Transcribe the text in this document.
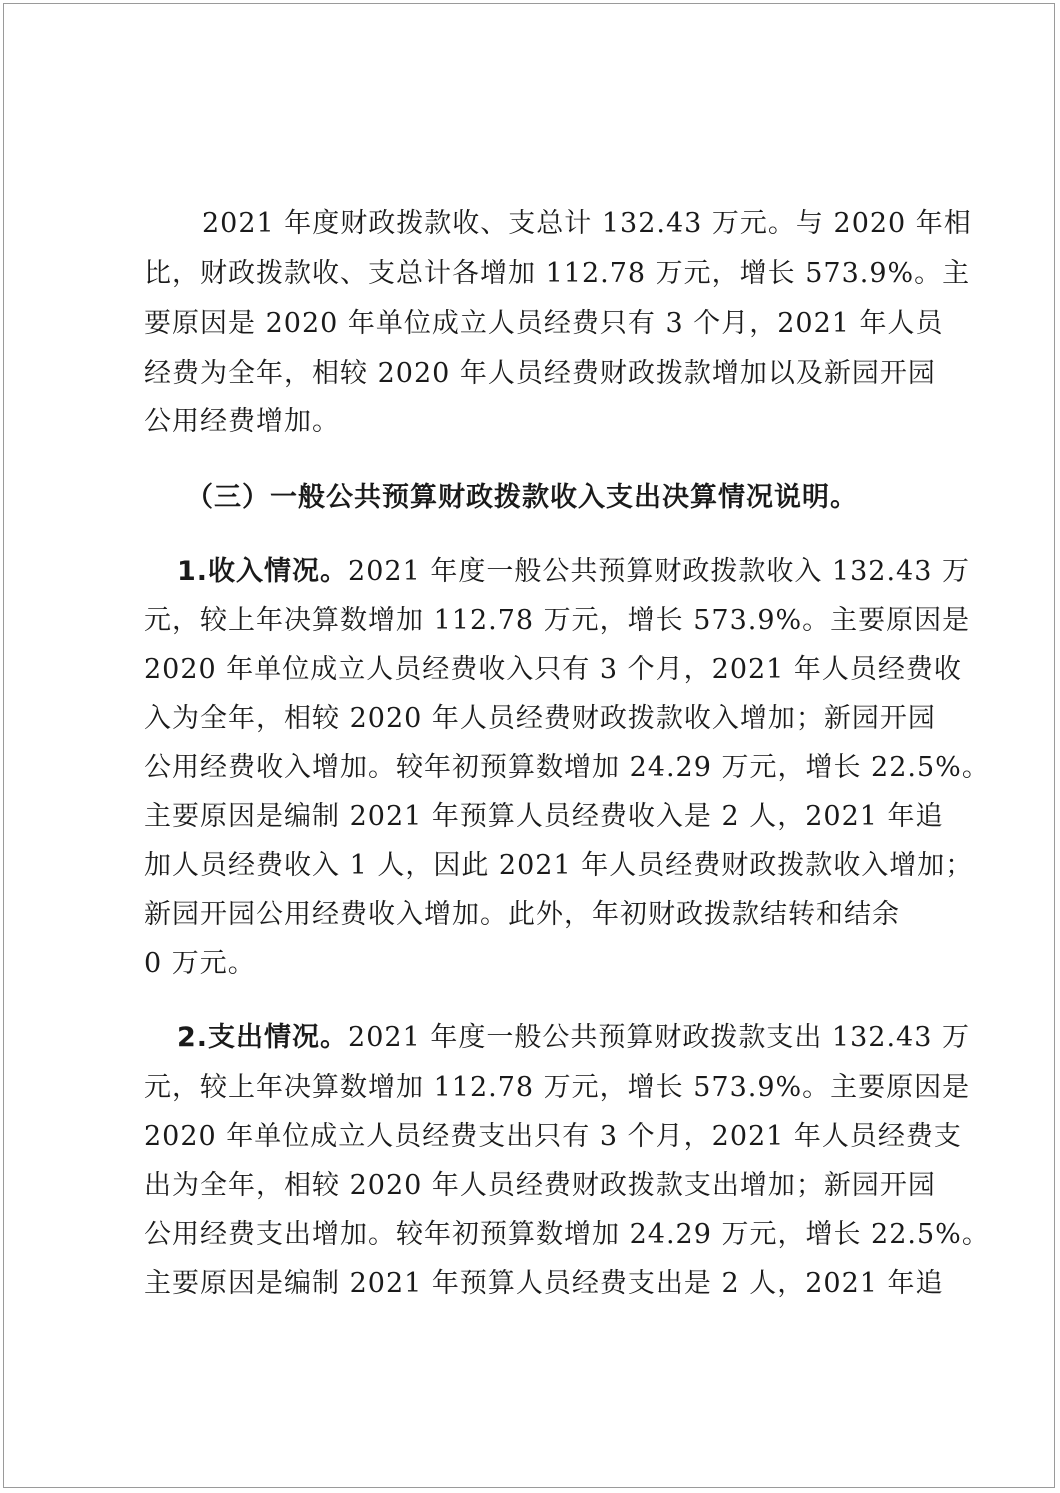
2021 年度财政拨款收、支总计 132.43 万元。与 2020 年相
比，财政拨款收、支总计各增加 112.78 万元，增长 573.9%。主
要原因是 2020 年单位成立人员经费只有 3 个月，2021 年人员
经费为全年，相较 2020 年人员经费财政拨款增加以及新园开园
公用经费增加。
（三）一般公共预算财政拨款收入支出决算情况说明。
1.收入情况。2021 年度一般公共预算财政拨款收入 132.43 万
元，较上年决算数增加 112.78 万元，增长 573.9%。主要原因是
2020 年单位成立人员经费收入只有 3 个月，2021 年人员经费收
入为全年，相较 2020 年人员经费财政拨款收入增加；新园开园
公用经费收入增加。较年初预算数增加 24.29 万元，增长 22.5%。
主要原因是编制 2021 年预算人员经费收入是 2 人，2021 年追
加人员经费收入 1 人，因此 2021 年人员经费财政拨款收入增加；
新园开园公用经费收入增加。此外，年初财政拨款结转和结余
0 万元。
2.支出情况。2021 年度一般公共预算财政拨款支出 132.43 万
元，较上年决算数增加 112.78 万元，增长 573.9%。主要原因是
2020 年单位成立人员经费支出只有 3 个月，2021 年人员经费支
出为全年，相较 2020 年人员经费财政拨款支出增加；新园开园
公用经费支出增加。较年初预算数增加 24.29 万元，增长 22.5%。
主要原因是编制 2021 年预算人员经费支出是 2 人，2021 年追
